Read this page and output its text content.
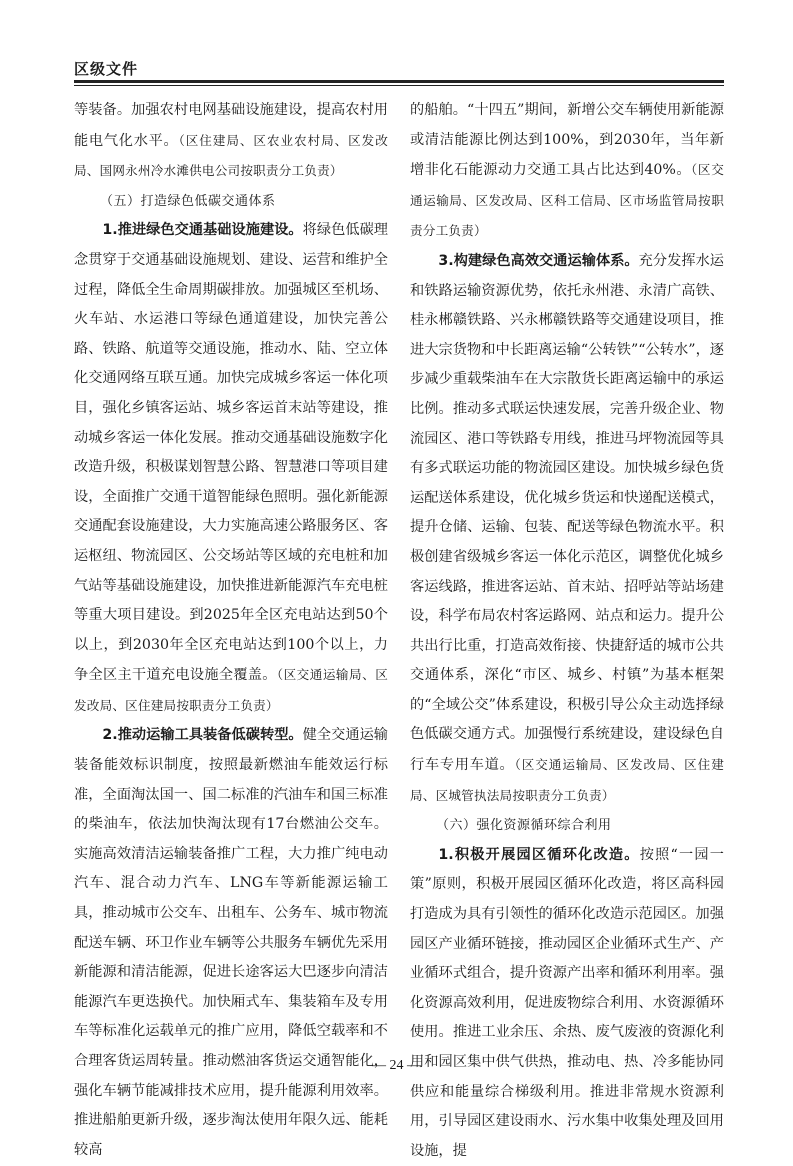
区级文件

等装备。加强农村电网基础设施建设，提高农村用能电气化水平。（区住建局、区农业农村局、区发改局、国网永州冷水滩供电公司按职责分工负责）

（五）打造绿色低碳交通体系

1.推进绿色交通基础设施建设。将绿色低碳理念贯穿于交通基础设施规划、建设、运营和维护全过程，降低全生命周期碳排放。加强城区至机场、火车站、水运港口等绿色通道建设，加快完善公路、铁路、航道等交通设施，推动水、陆、空立体化交通网络互联互通。加快完成城乡客运一体化项目，强化乡镇客运站、城乡客运首末站等建设，推动城乡客运一体化发展。推动交通基础设施数字化改造升级，积极谋划智慧公路、智慧港口等项目建设，全面推广交通干道智能绿色照明。强化新能源交通配套设施建设，大力实施高速公路服务区、客运枢纽、物流园区、公交场站等区域的充电桩和加气站等基础设施建设，加快推进新能源汽车充电桩等重大项目建设。到2025年全区充电站达到50个以上，到2030年全区充电站达到100个以上，力争全区主干道充电设施全覆盖。（区交通运输局、区发改局、区住建局按职责分工负责）

2.推动运输工具装备低碳转型。健全交通运输装备能效标识制度，按照最新燃油车能效运行标准，全面淘汰国一、国二标准的汽油车和国三标准的柴油车，依法加快淘汰现有17台燃油公交车。实施高效清洁运输装备推广工程，大力推广纯电动汽车、混合动力汽车、LNG车等新能源运输工具，推动城市公交车、出租车、公务车、城市物流配送车辆、环卫作业车辆等公共服务车辆优先采用新能源和清洁能源，促进长途客运大巴逐步向清洁能源汽车更迭换代。加快厢式车、集装箱车及专用车等标准化运载单元的推广应用，降低空载率和不合理客货运周转量。推动燃油客货运交通智能化，强化车辆节能减排技术应用，提升能源利用效率。推进船舶更新升级，逐步淘汰使用年限久远、能耗较高

的船舶。“十四五”期间，新增公交车辆使用新能源或清洁能源比例达到100%，到2030年，当年新增非化石能源动力交通工具占比达到40%。（区交通运输局、区发改局、区科工信局、区市场监管局按职责分工负责）

3.构建绿色高效交通运输体系。充分发挥水运和铁路运输资源优势，依托永州港、永清广高铁、桂永郴赣铁路、兴永郴赣铁路等交通建设项目，推进大宗货物和中长距离运输“公转铁”“公转水”，逐步减少重载柴油车在大宗散货长距离运输中的承运比例。推动多式联运快速发展，完善升级企业、物流园区、港口等铁路专用线，推进马坪物流园等具有多式联运功能的物流园区建设。加快城乡绿色货运配送体系建设，优化城乡货运和快递配送模式，提升仓储、运输、包装、配送等绿色物流水平。积极创建省级城乡客运一体化示范区，调整优化城乡客运线路，推进客运站、首末站、招呼站等站场建设，科学布局农村客运路网、站点和运力。提升公共出行比重，打造高效衔接、快捷舒适的城市公共交通体系，深化“市区、城乡、村镇”为基本框架的“全域公交”体系建设，积极引导公众主动选择绿色低碳交通方式。加强慢行系统建设，建设绿色自行车专用车道。（区交通运输局、区发改局、区住建局、区城管执法局按职责分工负责）

（六）强化资源循环综合利用

1.积极开展园区循环化改造。按照“一园一策”原则，积极开展园区循环化改造，将区高科园打造成为具有引领性的循环化改造示范园区。加强园区产业循环链接，推动园区企业循环式生产、产业循环式组合，提升资源产出率和循环利用率。强化资源高效利用，促进废物综合利用、水资源循环使用。推进工业余压、余热、废气废液的资源化利用和园区集中供气供热，推动电、热、冷多能协同供应和能量综合梯级利用。推进非常规水资源利用，引导园区建设雨水、污水集中收集处理及回用设施，提

— 24 —
